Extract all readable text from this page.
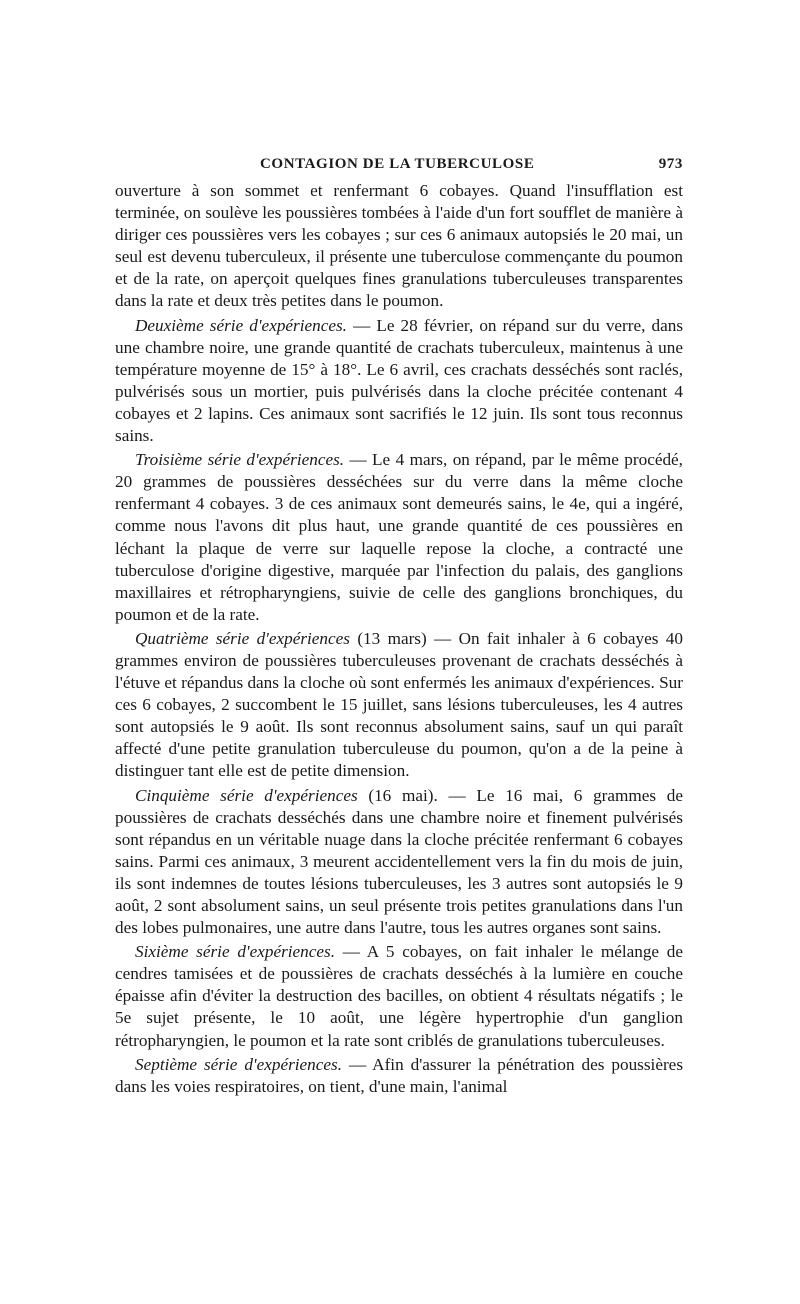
CONTAGION DE LA TUBERCULOSE	973

ouverture à son sommet et renfermant 6 cobayes. Quand l'insufflation est terminée, on soulève les poussières tombées à l'aide d'un fort soufflet de manière à diriger ces poussières vers les cobayes ; sur ces 6 animaux autopsiés le 20 mai, un seul est devenu tuberculeux, il présente une tuberculose commençante du poumon et de la rate, on aperçoit quelques fines granulations tuberculeuses transparentes dans la rate et deux très petites dans le poumon.

Deuxième série d'expériences. — Le 28 février, on répand sur du verre, dans une chambre noire, une grande quantité de crachats tuberculeux, maintenus à une température moyenne de 15° à 18°. Le 6 avril, ces crachats desséchés sont raclés, pulvérisés sous un mortier, puis pulvérisés dans la cloche précitée contenant 4 cobayes et 2 lapins. Ces animaux sont sacrifiés le 12 juin. Ils sont tous reconnus sains.

Troisième série d'expériences. — Le 4 mars, on répand, par le même procédé, 20 grammes de poussières desséchées sur du verre dans la même cloche renfermant 4 cobayes. 3 de ces animaux sont demeurés sains, le 4e, qui a ingéré, comme nous l'avons dit plus haut, une grande quantité de ces poussières en léchant la plaque de verre sur laquelle repose la cloche, a contracté une tuberculose d'origine digestive, marquée par l'infection du palais, des ganglions maxillaires et rétropharyngiens, suivie de celle des ganglions bronchiques, du poumon et de la rate.

Quatrième série d'expériences (13 mars) — On fait inhaler à 6 cobayes 40 grammes environ de poussières tuberculeuses provenant de crachats desséchés à l'étuve et répandus dans la cloche où sont enfermés les animaux d'expériences. Sur ces 6 cobayes, 2 succombent le 15 juillet, sans lésions tuberculeuses, les 4 autres sont autopsiés le 9 août. Ils sont reconnus absolument sains, sauf un qui paraît affecté d'une petite granulation tuberculeuse du poumon, qu'on a de la peine à distinguer tant elle est de petite dimension.

Cinquième série d'expériences (16 mai). — Le 16 mai, 6 grammes de poussières de crachats desséchés dans une chambre noire et finement pulvérisés sont répandus en un véritable nuage dans la cloche précitée renfermant 6 cobayes sains. Parmi ces animaux, 3 meurent accidentellement vers la fin du mois de juin, ils sont indemnes de toutes lésions tuberculeuses, les 3 autres sont autopsiés le 9 août, 2 sont absolument sains, un seul présente trois petites granulations dans l'un des lobes pulmonaires, une autre dans l'autre, tous les autres organes sont sains.

Sixième série d'expériences. — A 5 cobayes, on fait inhaler le mélange de cendres tamisées et de poussières de crachats desséchés à la lumière en couche épaisse afin d'éviter la destruction des bacilles, on obtient 4 résultats négatifs ; le 5e sujet présente, le 10 août, une légère hypertrophie d'un ganglion rétropharyngien, le poumon et la rate sont criblés de granulations tuberculeuses.

Septième série d'expériences. — Afin d'assurer la pénétration des poussières dans les voies respiratoires, on tient, d'une main, l'animal
